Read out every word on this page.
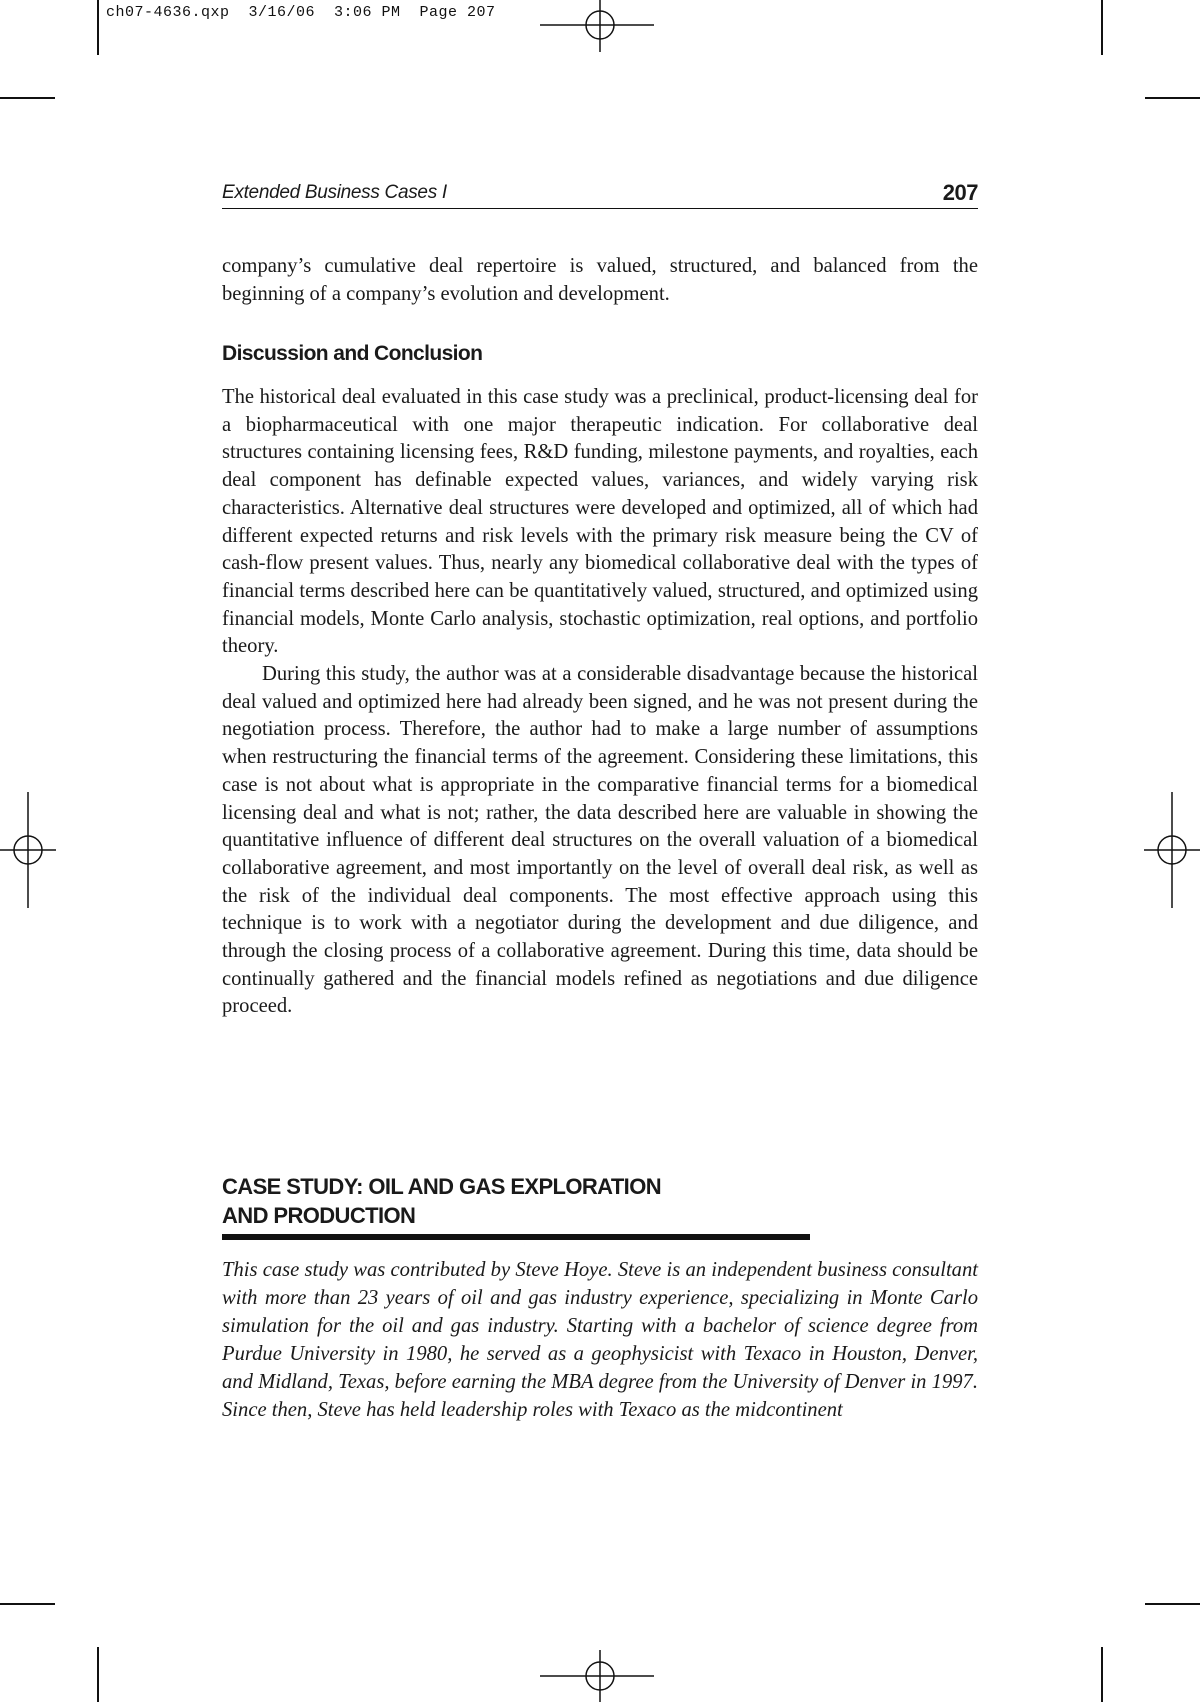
ch07-4636.qxp  3/16/06  3:06 PM  Page 207
Extended Business Cases I	207

company’s cumulative deal repertoire is valued, structured, and balanced from the beginning of a company’s evolution and development.

Discussion and Conclusion

The historical deal evaluated in this case study was a preclinical, product-licensing deal for a biopharmaceutical with one major therapeutic indication. For collaborative deal structures containing licensing fees, R&D funding, milestone payments, and royalties, each deal component has definable expected values, variances, and widely varying risk characteristics. Alternative deal structures were developed and optimized, all of which had different expected returns and risk levels with the primary risk measure being the CV of cash-flow present values. Thus, nearly any biomedical collaborative deal with the types of financial terms described here can be quantitatively valued, structured, and optimized using financial models, Monte Carlo analysis, stochastic optimization, real options, and portfolio theory.

During this study, the author was at a considerable disadvantage because the historical deal valued and optimized here had already been signed, and he was not present during the negotiation process. Therefore, the author had to make a large number of assumptions when restructuring the financial terms of the agreement. Considering these limitations, this case is not about what is appropriate in the comparative financial terms for a biomedical licensing deal and what is not; rather, the data described here are valuable in showing the quantitative influence of different deal structures on the overall valuation of a biomedical collaborative agreement, and most importantly on the level of overall deal risk, as well as the risk of the individual deal components. The most effective approach using this technique is to work with a negotiator during the development and due diligence, and through the closing process of a collaborative agreement. During this time, data should be continually gathered and the financial models refined as negotiations and due diligence proceed.

CASE STUDY: OIL AND GAS EXPLORATION
AND PRODUCTION
This case study was contributed by Steve Hoye. Steve is an independent business consultant with more than 23 years of oil and gas industry experience, specializing in Monte Carlo simulation for the oil and gas industry. Starting with a bachelor of science degree from Purdue University in 1980, he served as a geophysicist with Texaco in Houston, Denver, and Midland, Texas, before earning the MBA degree from the University of Denver in 1997. Since then, Steve has held leadership roles with Texaco as the midcontinent
